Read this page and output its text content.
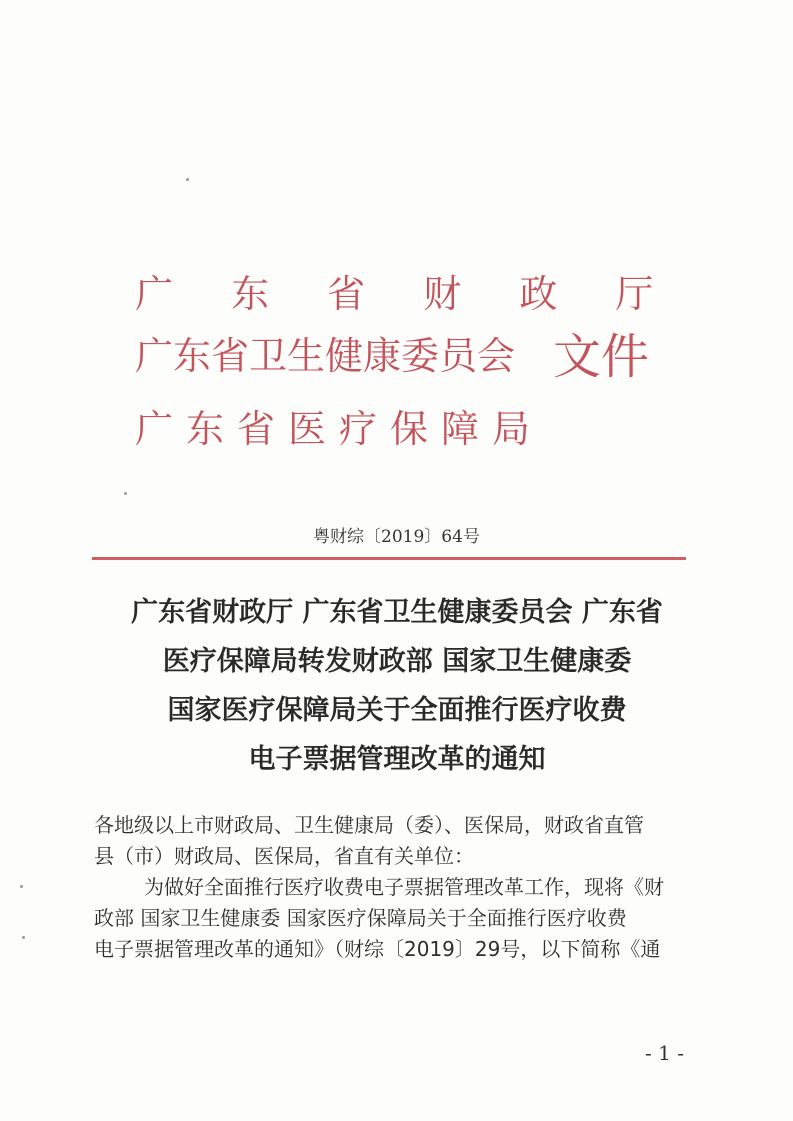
广 东 省 财 政 厅
广东省卫生健康委员会
广东省医疗保障局
文件
粤财综〔2019〕64号
广东省财政厅 广东省卫生健康委员会 广东省
医疗保障局转发财政部 国家卫生健康委
国家医疗保障局关于全面推行医疗收费
电子票据管理改革的通知
各地级以上市财政局、卫生健康局（委）、医保局，财政省直管
县（市）财政局、医保局，省直有关单位：
为做好全面推行医疗收费电子票据管理改革工作，现将《财
政部 国家卫生健康委 国家医疗保障局关于全面推行医疗收费
电子票据管理改革的通知》（财综〔2019〕29号，以下简称《通
- 1 -
